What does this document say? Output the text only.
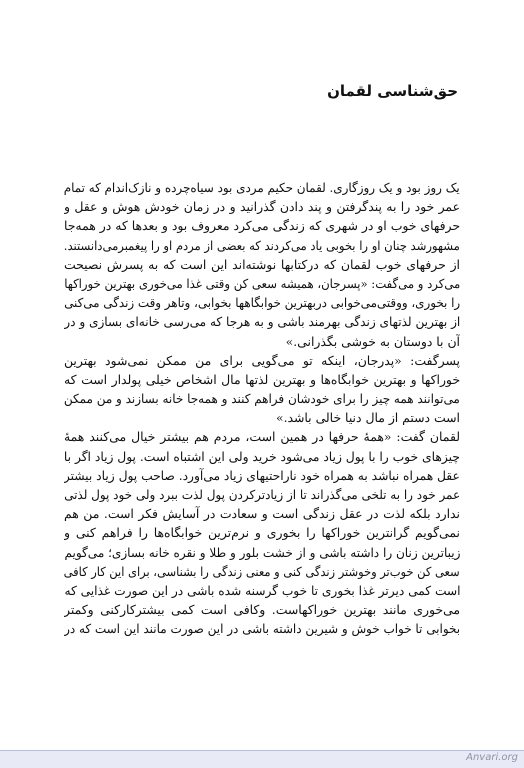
حق‌شناسی لقمان
یک روز بود و یک روزگاری. لقمان حکیم مردی بود سیاه‌چرده و نازک‌اندام که تمام
عمر خود را به پندگرفتن و پند دادن گذرانید و در زمان خودش هوش و عقل و
حرفهای خوب او در شهری که زندگی می‌کرد معروف بود و بعدها که در همه‌جا
مشهورشد چنان او را بخوبی یاد می‌کردند که بعضی از مردم او را پیغمبرمی‌دانستند.
از حرفهای خوب لقمان که درکتابها نوشته‌اند این است که به پسرش نصیحت
می‌کرد و می‌گفت: «پسرجان، همیشه سعی کن وقتی غذا می‌خوری بهترین خوراکها
را بخوری، ووقتی‌می‌خوابی دربهترین خوابگاهها بخوابی، وتاهر وقت زندگی می‌کنی
از بهترین لذتهای زندگی بهرمند باشی و به هرجا که می‌رسی خانه‌ای بسازی و در
آن با دوستان به خوشی بگذرانی.»
پسرگفت: «پدرجان، اینکه تو می‌گویی برای من ممکن نمی‌شود بهترین
خوراکها و بهترین خوابگاه‌ها و بهترین لذتها مال اشخاص خیلی پولدار است که
می‌توانند همه چیز را برای خودشان فراهم کنند و همه‌جا خانه بسازند و من ممکن
است دستم از مال دنیا خالی باشد.»
لقمان گفت: «همهٔ حرفها در همین است، مردم هم بیشتر خیال می‌کنند همهٔ
چیزهای خوب را با پول زیاد می‌شود خرید ولی این اشتباه است. پول زیاد اگر با
عقل همراه نباشد به همراه خود ناراحتیهای زیاد می‌آورد. صاحب پول زیاد بیشتر
عمر خود را به تلخی می‌گذراند تا از زیادترکردن پول لذت ببرد ولی خود پول لذتی
ندارد بلکه لذت در عقل زندگی است و سعادت در آسایش فکر است. من هم
نمی‌گویم گرانترین خوراکها را بخوری و نرم‌ترین خوابگاه‌ها را فراهم کنی و
زیباترین زنان را داشته باشی و از خشت بلور و طلا و نقره خانه بسازی؛ می‌گویم
سعی کن خوب‌تر وخوشتر زندگی کنی و معنی زندگی را بشناسی، برای این کار کافی
است کمی دیرتر غذا بخوری تا خوب گرسنه شده باشی در این صورت غذایی که
می‌خوری مانند بهترین خوراکهاست. وکافی است کمی بیشترکارکنی وکمتر
بخوابی تا خواب خوش و شیرین داشته باشی در این صورت مانند این است که در
Anvari.org
